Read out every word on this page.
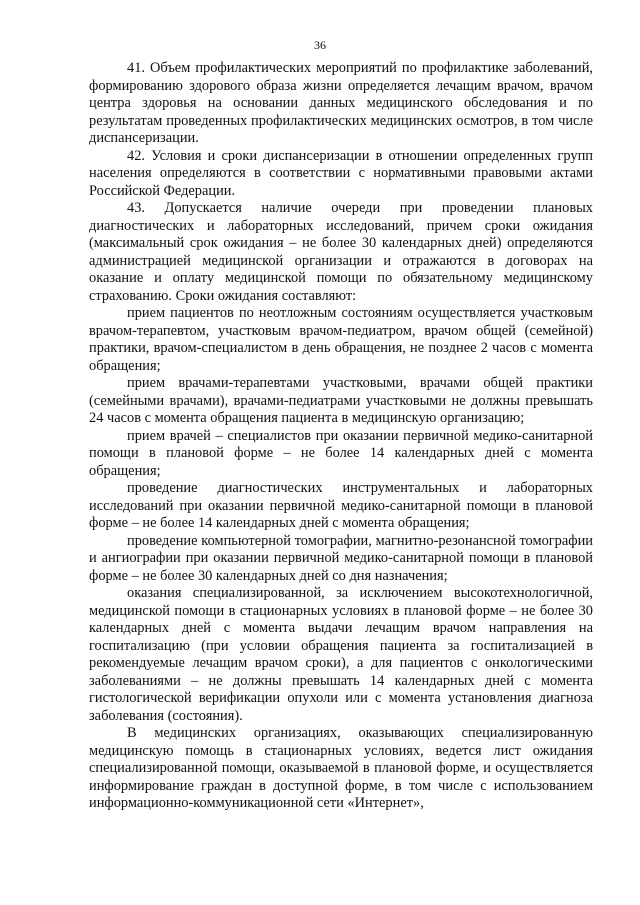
36

41. Объем профилактических мероприятий по профилактике заболеваний, формированию здорового образа жизни определяется лечащим врачом, врачом центра здоровья на основании данных медицинского обследования и по результатам проведенных профилактических медицинских осмотров, в том числе диспансеризации.

42. Условия и сроки диспансеризации в отношении определенных групп населения определяются в соответствии с нормативными правовыми актами Российской Федерации.

43. Допускается наличие очереди при проведении плановых диагностических и лабораторных исследований, причем сроки ожидания (максимальный срок ожидания – не более 30 календарных дней) определяются администрацией медицинской организации и отражаются в договорах на оказание и оплату медицинской помощи по обязательному медицинскому страхованию. Сроки ожидания составляют:

прием пациентов по неотложным состояниям осуществляется участковым врачом-терапевтом, участковым врачом-педиатром, врачом общей (семейной) практики, врачом-специалистом в день обращения, не позднее 2 часов с момента обращения;

прием врачами-терапевтами участковыми, врачами общей практики (семейными врачами), врачами-педиатрами участковыми не должны превышать 24 часов с момента обращения пациента в медицинскую организацию;

прием врачей – специалистов при оказании первичной медико-санитарной помощи в плановой форме – не более 14 календарных дней с момента обращения;

проведение диагностических инструментальных и лабораторных исследований при оказании первичной медико-санитарной помощи в плановой форме – не более 14 календарных дней с момента обращения;

проведение компьютерной томографии, магнитно-резонансной томографии и ангиографии при оказании первичной медико-санитарной помощи в плановой форме – не более 30 календарных дней со дня назначения;

оказания специализированной, за исключением высокотехнологичной, медицинской помощи в стационарных условиях в плановой форме – не более 30 календарных дней с момента выдачи лечащим врачом направления на госпитализацию (при условии обращения пациента за госпитализацией в рекомендуемые лечащим врачом сроки), а для пациентов с онкологическими заболеваниями – не должны превышать 14 календарных дней с момента гистологической верификации опухоли или с момента установления диагноза заболевания (состояния).

В медицинских организациях, оказывающих специализированную медицинскую помощь в стационарных условиях, ведется лист ожидания специализированной помощи, оказываемой в плановой форме, и осуществляется информирование граждан в доступной форме, в том числе с использованием информационно-коммуникационной сети «Интернет»,
